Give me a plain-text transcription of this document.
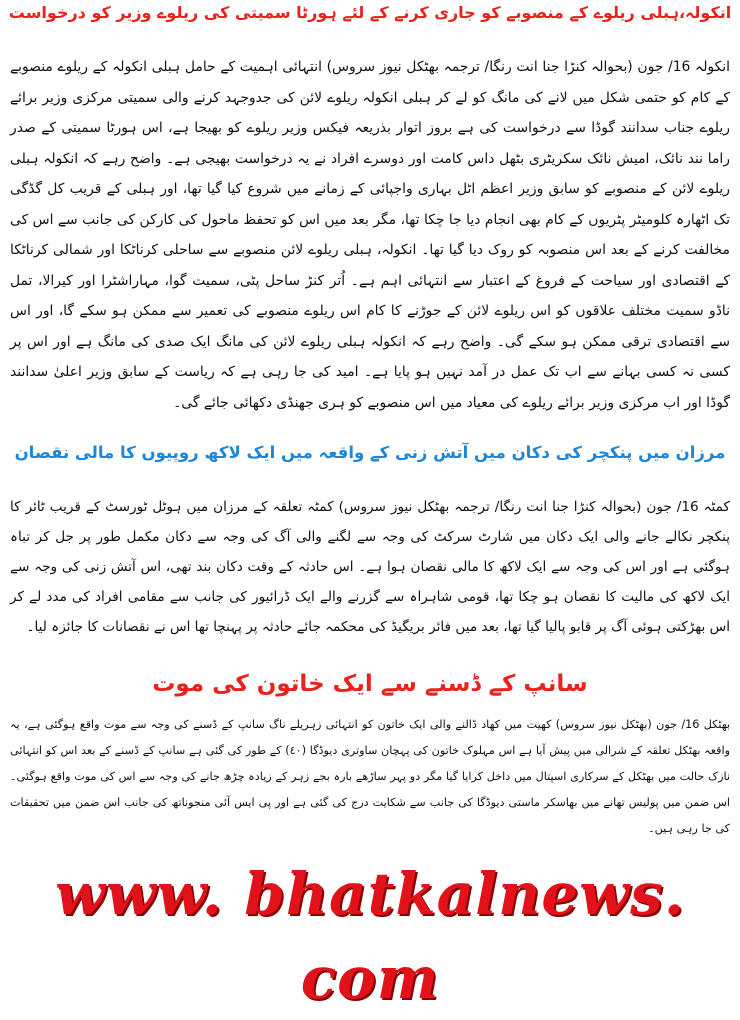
انکولہ،ہبلی ریلوے کے منصوبے کو جاری کرنے کے لئے ہورٹا سمیتی کی ریلوے وزیر کو درخواست

انکولہ 16/ جون (بحوالہ کنڑا جنا انت رنگا/ ترجمہ بھٹکل نیوز سروس) انتہائی اہمیت کے حامل ہبلی انکولہ کے ریلوے منصوبے کے کام کو حتمی شکل میں لانے کی مانگ کو لے کر ہبلی انکولہ ریلوے لائن کی جدوجہد کرنے والی سمیتی مرکزی وزیر برائے ریلوے جناب سدانند گوڈا سے درخواست کی ہے بروز اتوار بذریعہ فیکس وزیر ریلوے کو بھیجا ہے، اس ہورٹا سمیتی کے صدر راما نند نائک، امیش نائک سکریٹری بٹھل داس کامت اور دوسرے افراد نے یہ درخواست بھیجی ہے۔ واضح رہے کہ انکولہ ہبلی ریلوے لائن کے منصوبے کو سابق وزیر اعظم اٹل بہاری واجپائی کے زمانے میں شروع کیا گیا تھا، اور ہبلی کے قریب کل گڈگی تک اٹھارہ کلومیٹر پٹریوں کے کام بھی انجام دیا جا چکا تھا، مگر بعد میں اس کو تحفظ ماحول کی کارکن کی جانب سے اس کی مخالفت کرنے کے بعد اس منصوبہ کو روک دیا گیا تھا۔ انکولہ، ہبلی ریلوے لائن منصوبے سے ساحلی کرناٹکا اور شمالی کرناٹکا کے اقتصادی اور سیاحت کے فروغ کے اعتبار سے انتہائی اہم ہے۔ اُتر کنڑ ساحل پٹی، سمیت گوا، مہاراشٹرا اور کیرالا، تمل ناڈو سمیت مختلف علاقوں کو اس ریلوے لائن کے جوڑنے کا کام اس ریلوے منصوبے کی تعمیر سے ممکن ہو سکے گا، اور اس سے اقتصادی ترقی ممکن ہو سکے گی۔ واضح رہے کہ انکولہ ہبلی ریلوے لائن کی مانگ ایک صدی کی مانگ ہے اور اس پر کسی نہ کسی بہانے سے اب تک عمل در آمد نہیں ہو پایا ہے۔ امید کی جا رہی ہے کہ ریاست کے سابق وزیر اعلیٰ سدانند گوڈا اور اب مرکزی وزیر برائے ریلوے کی معیاد میں اس منصوبے کو ہری جھنڈی دکھائی جائے گی۔

مرزان میں پنکچر کی دکان میں آتش زنی کے واقعہ میں ایک لاکھ روپیوں کا مالی نقصان

کمٹہ 16/ جون (بحوالہ کنڑا جنا انت رنگا/ ترجمہ بھٹکل نیوز سروس) کمٹہ تعلقہ کے مرزان میں ہوٹل ٹورسٹ کے قریب ٹائر کا پنکچر نکالے جانے والی ایک دکان میں شارٹ سرکٹ کی وجہ سے لگنے والی آگ کی وجہ سے دکان مکمل طور پر جل کر تباہ ہوگئی ہے اور اس کی وجہ سے ایک لاکھ کا مالی نقصان ہوا ہے۔ اس حادثہ کے وقت دکان بند تھی، اس آتش زنی کی وجہ سے ایک لاکھ کی مالیت کا نقصان ہو چکا تھا، قومی شاہراہ سے گزرنے والے ایک ڈرائیور کی جانب سے مقامی افراد کی مدد لے کر اس بھڑکتی ہوئی آگ پر قابو پالیا گیا تھا، بعد میں فائر بریگیڈ کی محکمہ جائے حادثہ پر پہنچا تھا اس نے نقصانات کا جائزہ لیا۔

سانپ کے ڈسنے سے ایک خاتون کی موت

بھٹکل 16/ جون (بھٹکل نیوز سروس) کھیت میں کھاد ڈالنے والی ایک خاتون کو انتہائی زہریلے ناگ سانپ کے ڈسنے کی وجہ سے موت واقع ہوگئی ہے، یہ واقعہ بھٹکل تعلقہ کے شرالی میں پیش آیا ہے اس مہلوک خاتون کی پہچان ساوتری دیوڈگا (٤٠) کے طور کی گئی ہے سانپ کے ڈسنے کے بعد اس کو انتہائی نازک حالت میں بھٹکل کے سرکاری اسپتال میں داخل کرایا گیا مگر دو پہر ساڑھے بارہ بجے زہر کے زیادہ چڑھ جانے کی وجہ سے اس کی موت واقع ہوگئی۔ اس ضمن میں پولیس تھانے میں بھاسکر ماستی دیوڈگا کی جانب سے شکایت درج کی گئی ہے اور پی ایس آئی منجوناتھ کی جانب اس ضمن میں تحقیقات کی جا رہی ہیں۔

www. bhatkalnews. com
